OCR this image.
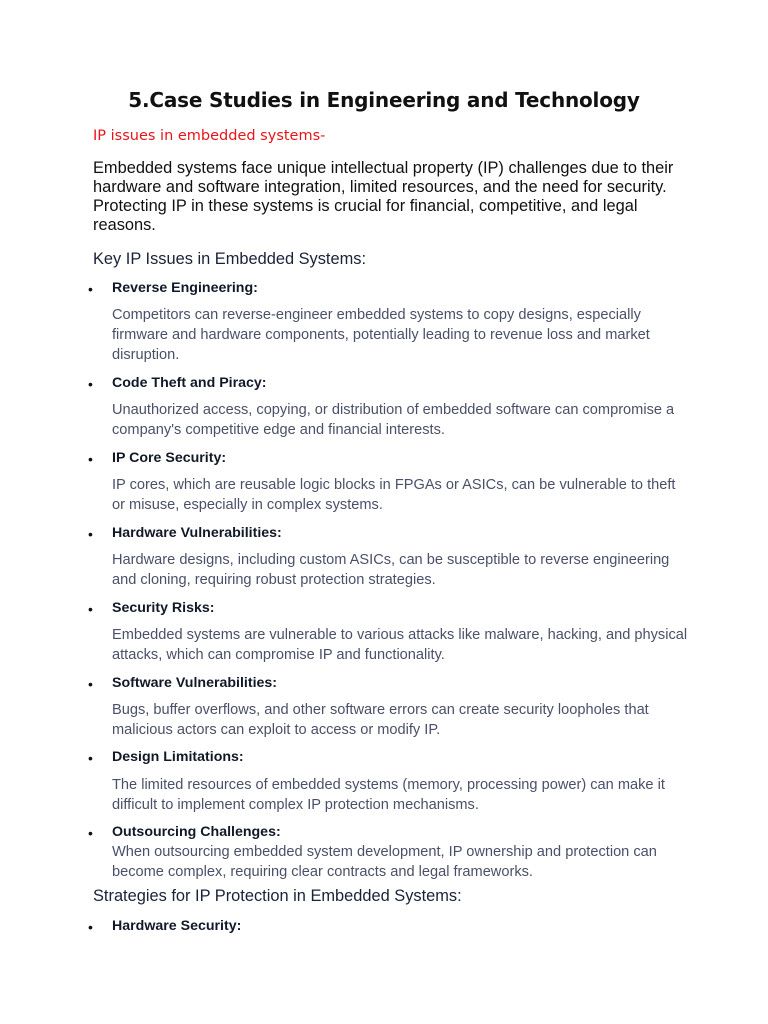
5.Case Studies in Engineering and Technology
IP issues in embedded systems-
Embedded systems face unique intellectual property (IP) challenges due to their hardware and software integration, limited resources, and the need for security. Protecting IP in these systems is crucial for financial, competitive, and legal reasons.
Key IP Issues in Embedded Systems:
• Reverse Engineering:
Competitors can reverse-engineer embedded systems to copy designs, especially firmware and hardware components, potentially leading to revenue loss and market disruption.
• Code Theft and Piracy:
Unauthorized access, copying, or distribution of embedded software can compromise a company's competitive edge and financial interests.
• IP Core Security:
IP cores, which are reusable logic blocks in FPGAs or ASICs, can be vulnerable to theft or misuse, especially in complex systems.
• Hardware Vulnerabilities:
Hardware designs, including custom ASICs, can be susceptible to reverse engineering and cloning, requiring robust protection strategies.
• Security Risks:
Embedded systems are vulnerable to various attacks like malware, hacking, and physical attacks, which can compromise IP and functionality.
• Software Vulnerabilities:
Bugs, buffer overflows, and other software errors can create security loopholes that malicious actors can exploit to access or modify IP.
• Design Limitations:
The limited resources of embedded systems (memory, processing power) can make it difficult to implement complex IP protection mechanisms.
• Outsourcing Challenges:
When outsourcing embedded system development, IP ownership and protection can become complex, requiring clear contracts and legal frameworks.
Strategies for IP Protection in Embedded Systems:
• Hardware Security:
